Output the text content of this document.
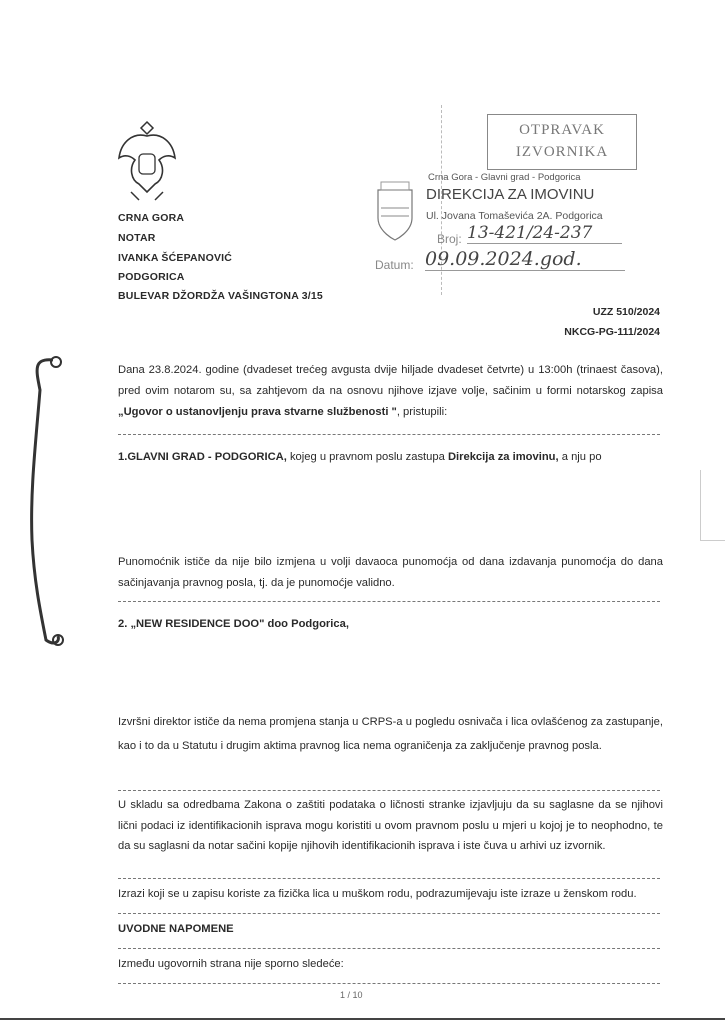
CRNA GORA
NOTAR
IVANKA ŠĆEPANOVIĆ
PODGORICA
BULEVAR DŽORDŽA VAŠINGTONA 3/15
OTPRAVAK
IZVORNIKA
Crna Gora - Glavni grad - Podgorica
DIREKCIJA ZA IMOVINU
Ul. Jovana Tomaševića 2A. Podgorica
Broj: 13-421/24-237
Datum: 09.09.2024.god.
UZZ 510/2024
NKCG-PG-111/2024
Dana 23.8.2024. godine (dvadeset trećeg avgusta dvije hiljade dvadeset četvrte) u 13:00h (trinaest časova), pred ovim notarom su, sa zahtjevom da na osnovu njihove izjave volje, sačinim u formi notarskog zapisa „Ugovor o ustanovljenju prava stvarne službenosti ", pristupili:
1.GLAVNI GRAD - PODGORICA, kojeg u pravnom poslu zastupa Direkcija za imovinu, a nju po
Punomoćnik ističe da nije bilo izmjena u volji davaoca punomoćja od dana izdavanja punomoćja do dana sačinjavanja pravnog posla, tj. da je punomoćje validno.
2. „NEW RESIDENCE DOO" doo Podgorica,
Izvršni direktor ističe da nema promjena stanja u CRPS-a u pogledu osnivača i lica ovlašćenog za zastupanje, kao i to da u Statutu i drugim aktima pravnog lica nema ograničenja za zaključenje pravnog posla.
U skladu sa odredbama Zakona o zaštiti podataka o ličnosti stranke izjavljuju da su saglasne da se njihovi lični podaci iz identifikacionih isprava mogu koristiti u ovom pravnom poslu u mjeri u kojoj je to neophodno, te da su saglasni da notar sačini kopije njihovih identifikacionih isprava i iste čuva u arhivi uz izvornik.
Izrazi koji se u zapisu koriste za fizička lica u muškom rodu, podrazumijevaju iste izraze u ženskom rodu.
UVODNE NAPOMENE
Između ugovornih strana nije sporno sledeće:
1 / 10
